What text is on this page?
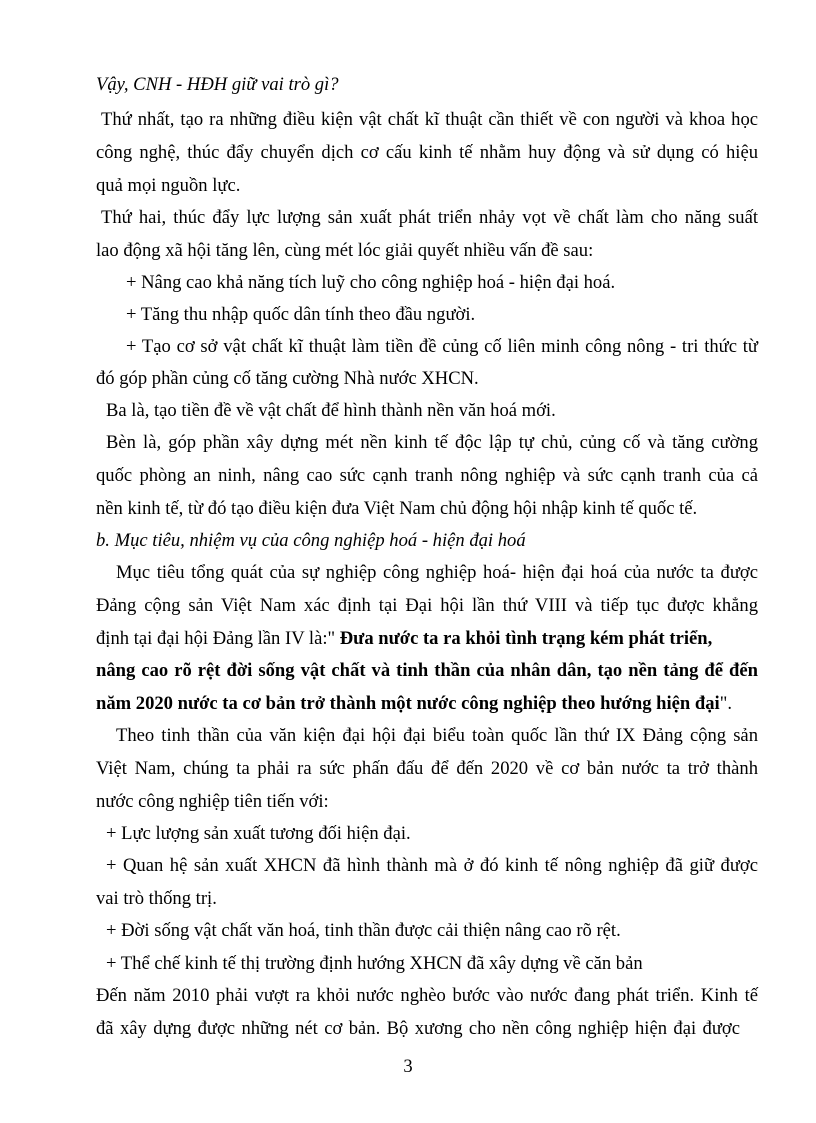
Vậy, CNH - HĐH giữ vai trò gì?
Thứ nhất, tạo ra những điều kiện vật chất kĩ thuật cần thiết về con người và khoa học
công nghệ, thúc đẩy chuyển dịch cơ cấu kinh tế nhằm huy động và sử dụng có hiệu
quả mọi nguồn lực.
Thứ hai, thúc đẩy lực lượng sản xuất phát triển nhảy vọt về chất làm cho năng suất
lao động xã hội tăng lên, cùng mét lóc giải quyết nhiều vấn đề sau:
+ Nâng cao khả năng tích luỹ cho công nghiệp hoá - hiện đại hoá.
+ Tăng thu nhập quốc dân tính theo đầu người.
+ Tạo cơ sở vật chất kĩ thuật làm tiền đề củng cố liên minh công nông - tri thức từ
đó góp phần củng cố tăng cường Nhà nước XHCN.
Ba là, tạo tiền đề về vật chất để hình thành nền văn hoá mới.
Bèn là, góp phần xây dựng mét nền kinh tế độc lập tự chủ, củng cố và tăng cường
quốc phòng an ninh, nâng cao sức cạnh tranh nông nghiệp và sức cạnh tranh của cả
nền kinh tế, từ đó tạo điều kiện đưa Việt Nam chủ động hội nhập kinh tế quốc tế.
b. Mục tiêu, nhiệm vụ của công nghiệp hoá - hiện đại hoá
Mục tiêu tổng quát của sự nghiệp công nghiệp hoá- hiện đại hoá của nước ta được
Đảng cộng sản Việt Nam xác định tại Đại hội lần thứ VIII và tiếp tục được khẳng
định tại đại hội Đảng lần IV là:" Đưa nước ta ra khỏi tình trạng kém phát triển,
nâng cao rõ rệt đời sống vật chất và tinh thần của nhân dân, tạo nền tảng để đến
năm 2020 nước ta cơ bản trở thành một nước công nghiệp theo hướng hiện đại".
Theo tinh thần của văn kiện đại hội đại biểu toàn quốc lần thứ IX Đảng cộng sản
Việt Nam, chúng ta phải ra sức phấn đấu để đến 2020 về cơ bản nước ta trở thành
nước công nghiệp tiên tiến với:
+ Lực lượng sản xuất tương đối hiện đại.
+ Quan hệ sản xuất XHCN đã hình thành mà ở đó kinh tế nông nghiệp đã giữ được
vai trò thống trị.
+ Đời sống vật chất văn hoá, tinh thần được cải thiện nâng cao rõ rệt.
+ Thể chế kinh tế thị trường định hướng XHCN đã xây dựng về căn bản
Đến năm 2010 phải vượt ra khỏi nước nghèo bước vào nước đang phát triển. Kinh tế
đã xây dựng được những nét cơ bản. Bộ xương cho nền công nghiệp hiện đại được
3
